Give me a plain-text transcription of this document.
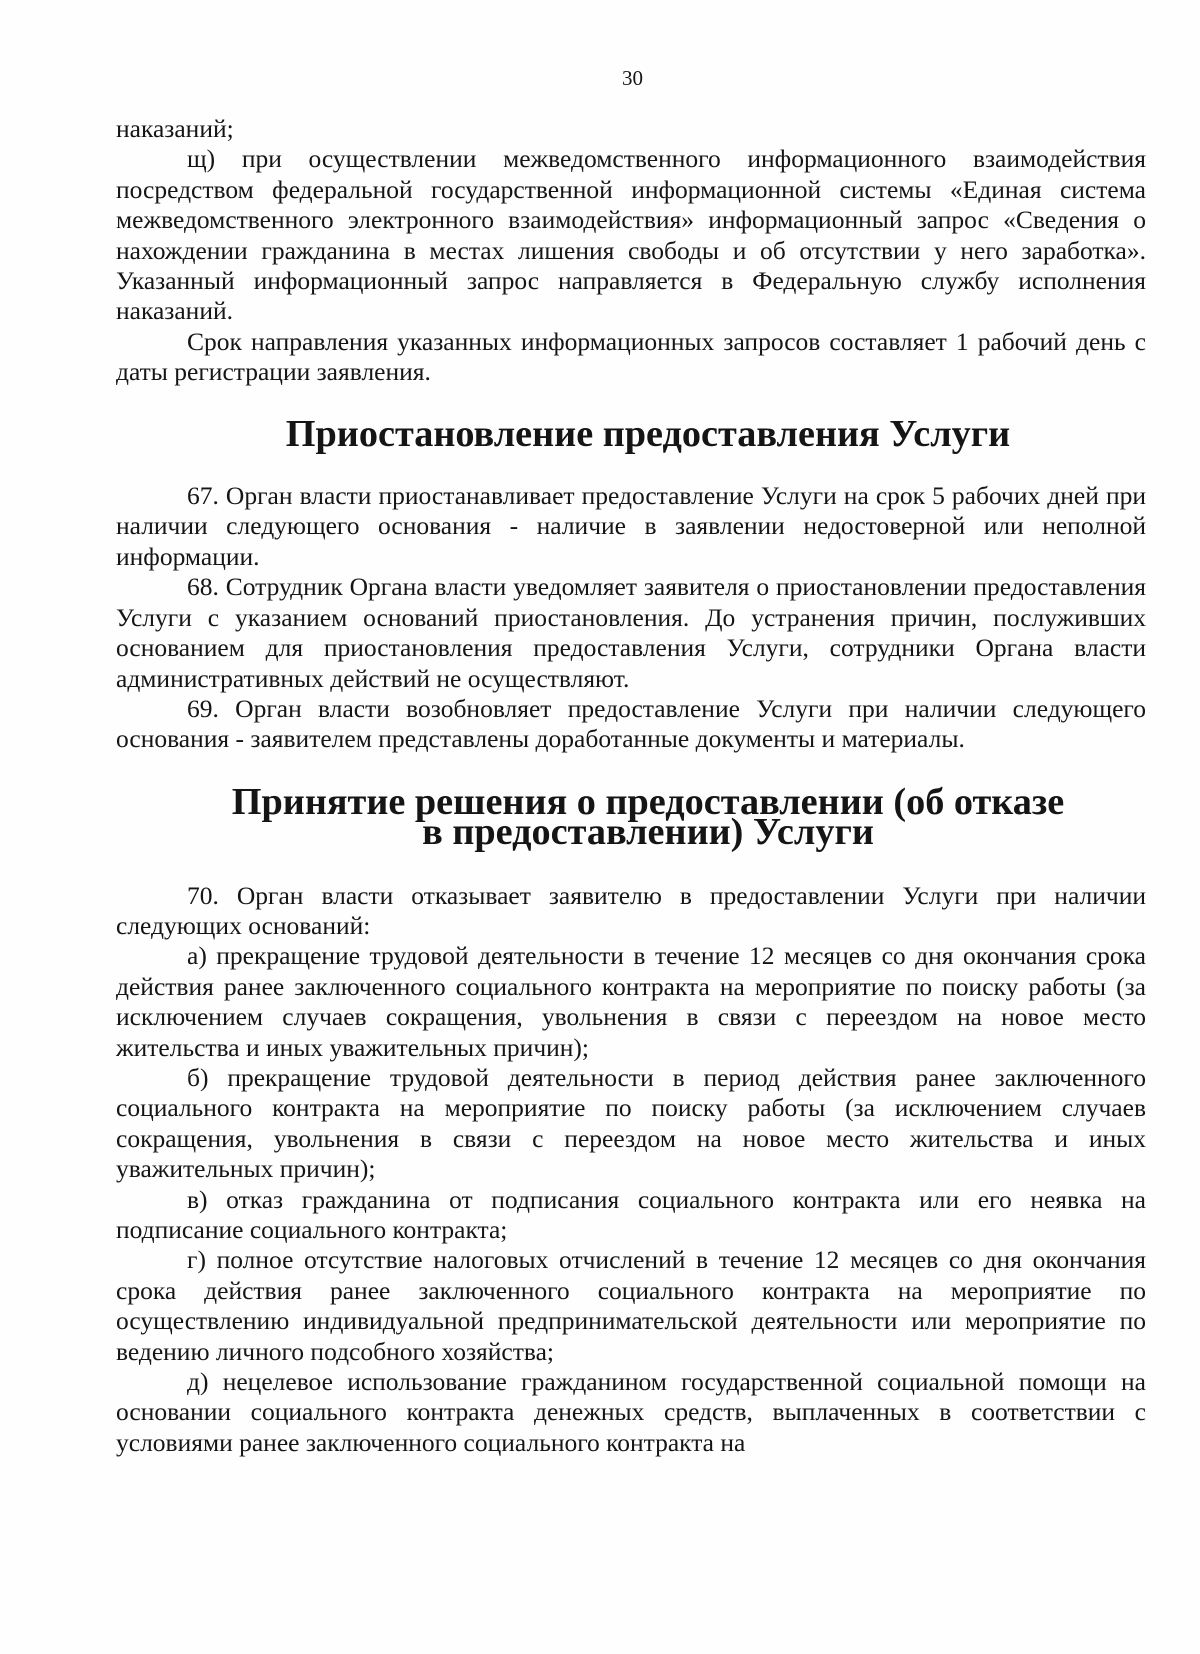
30

наказаний;

щ) при осуществлении межведомственного информационного взаимодействия посредством федеральной государственной информационной системы «Единая система межведомственного электронного взаимодействия» информационный запрос «Сведения о нахождении гражданина в местах лишения свободы и об отсутствии у него заработка». Указанный информационный запрос направляется в Федеральную службу исполнения наказаний.

Срок направления указанных информационных запросов составляет 1 рабочий день с даты регистрации заявления.

Приостановление предоставления Услуги

67. Орган власти приостанавливает предоставление Услуги на срок 5 рабочих дней при наличии следующего основания - наличие в заявлении недостоверной или неполной информации.

68. Сотрудник Органа власти уведомляет заявителя о приостановлении предоставления Услуги с указанием оснований приостановления. До устранения причин, послуживших основанием для приостановления предоставления Услуги, сотрудники Органа власти административных действий не осуществляют.

69. Орган власти возобновляет предоставление Услуги при наличии следующего основания - заявителем представлены доработанные документы и материалы.

Принятие решения о предоставлении (об отказе
в предоставлении) Услуги

70. Орган власти отказывает заявителю в предоставлении Услуги при наличии следующих оснований:

а) прекращение трудовой деятельности в течение 12 месяцев со дня окончания срока действия ранее заключенного социального контракта на мероприятие по поиску работы (за исключением случаев сокращения, увольнения в связи с переездом на новое место жительства и иных уважительных причин);

б) прекращение трудовой деятельности в период действия ранее заключенного социального контракта на мероприятие по поиску работы (за исключением случаев сокращения, увольнения в связи с переездом на новое место жительства и иных уважительных причин);

в) отказ гражданина от подписания социального контракта или его неявка на подписание социального контракта;

г) полное отсутствие налоговых отчислений в течение 12 месяцев со дня окончания срока действия ранее заключенного социального контракта на мероприятие по осуществлению индивидуальной предпринимательской деятельности или мероприятие по ведению личного подсобного хозяйства;

д) нецелевое использование гражданином государственной социальной помощи на основании социального контракта денежных средств, выплаченных в соответствии с условиями ранее заключенного социального контракта на
